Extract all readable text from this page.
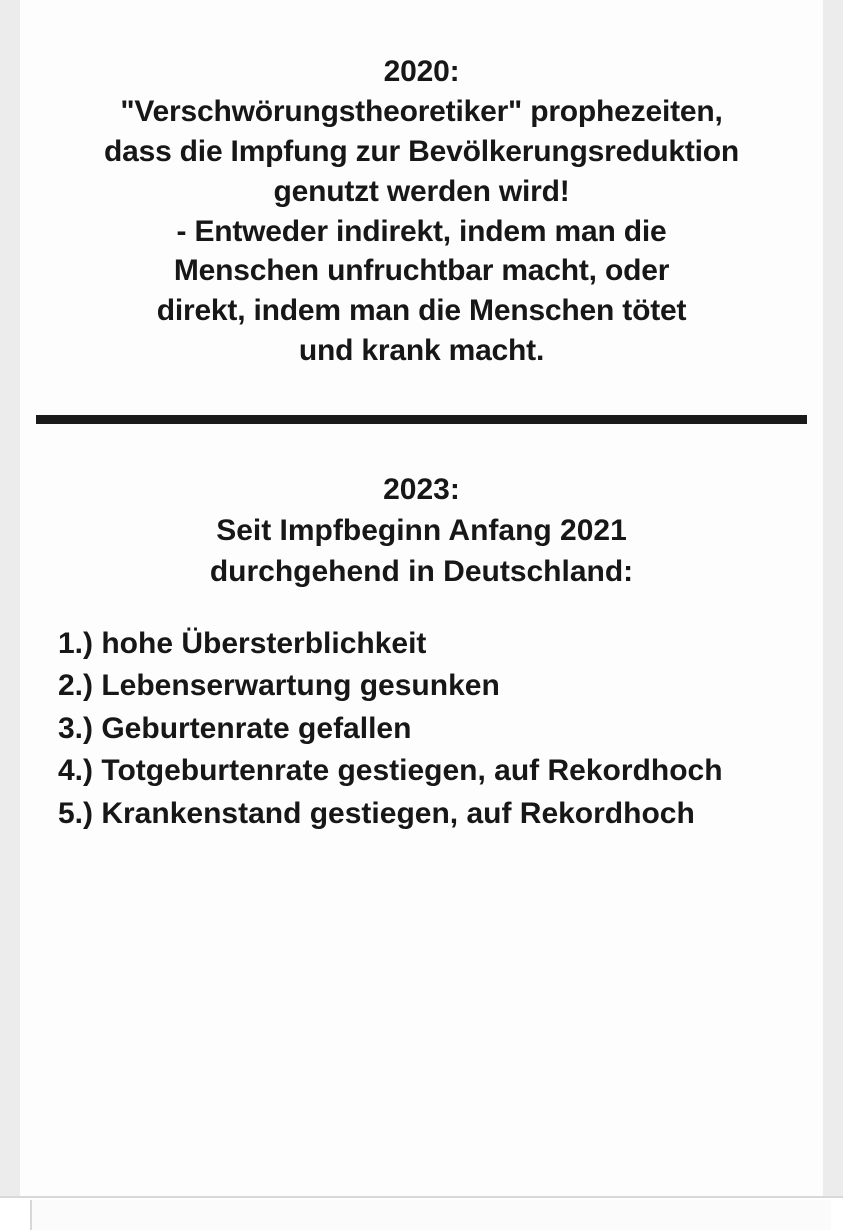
2020:
"Verschwörungstheoretiker" prophezeiten,
dass die Impfung zur Bevölkerungsreduktion
genutzt werden wird!
- Entweder indirekt, indem man die
Menschen unfruchtbar macht, oder
direkt, indem man die Menschen tötet
und krank macht.
2023:
Seit Impfbeginn Anfang 2021
durchgehend in Deutschland:
1.) hohe Übersterblichkeit
2.) Lebenserwartung gesunken
3.) Geburtenrate gefallen
4.) Totgeburtenrate gestiegen, auf Rekordhoch
5.) Krankenstand gestiegen, auf Rekordhoch
